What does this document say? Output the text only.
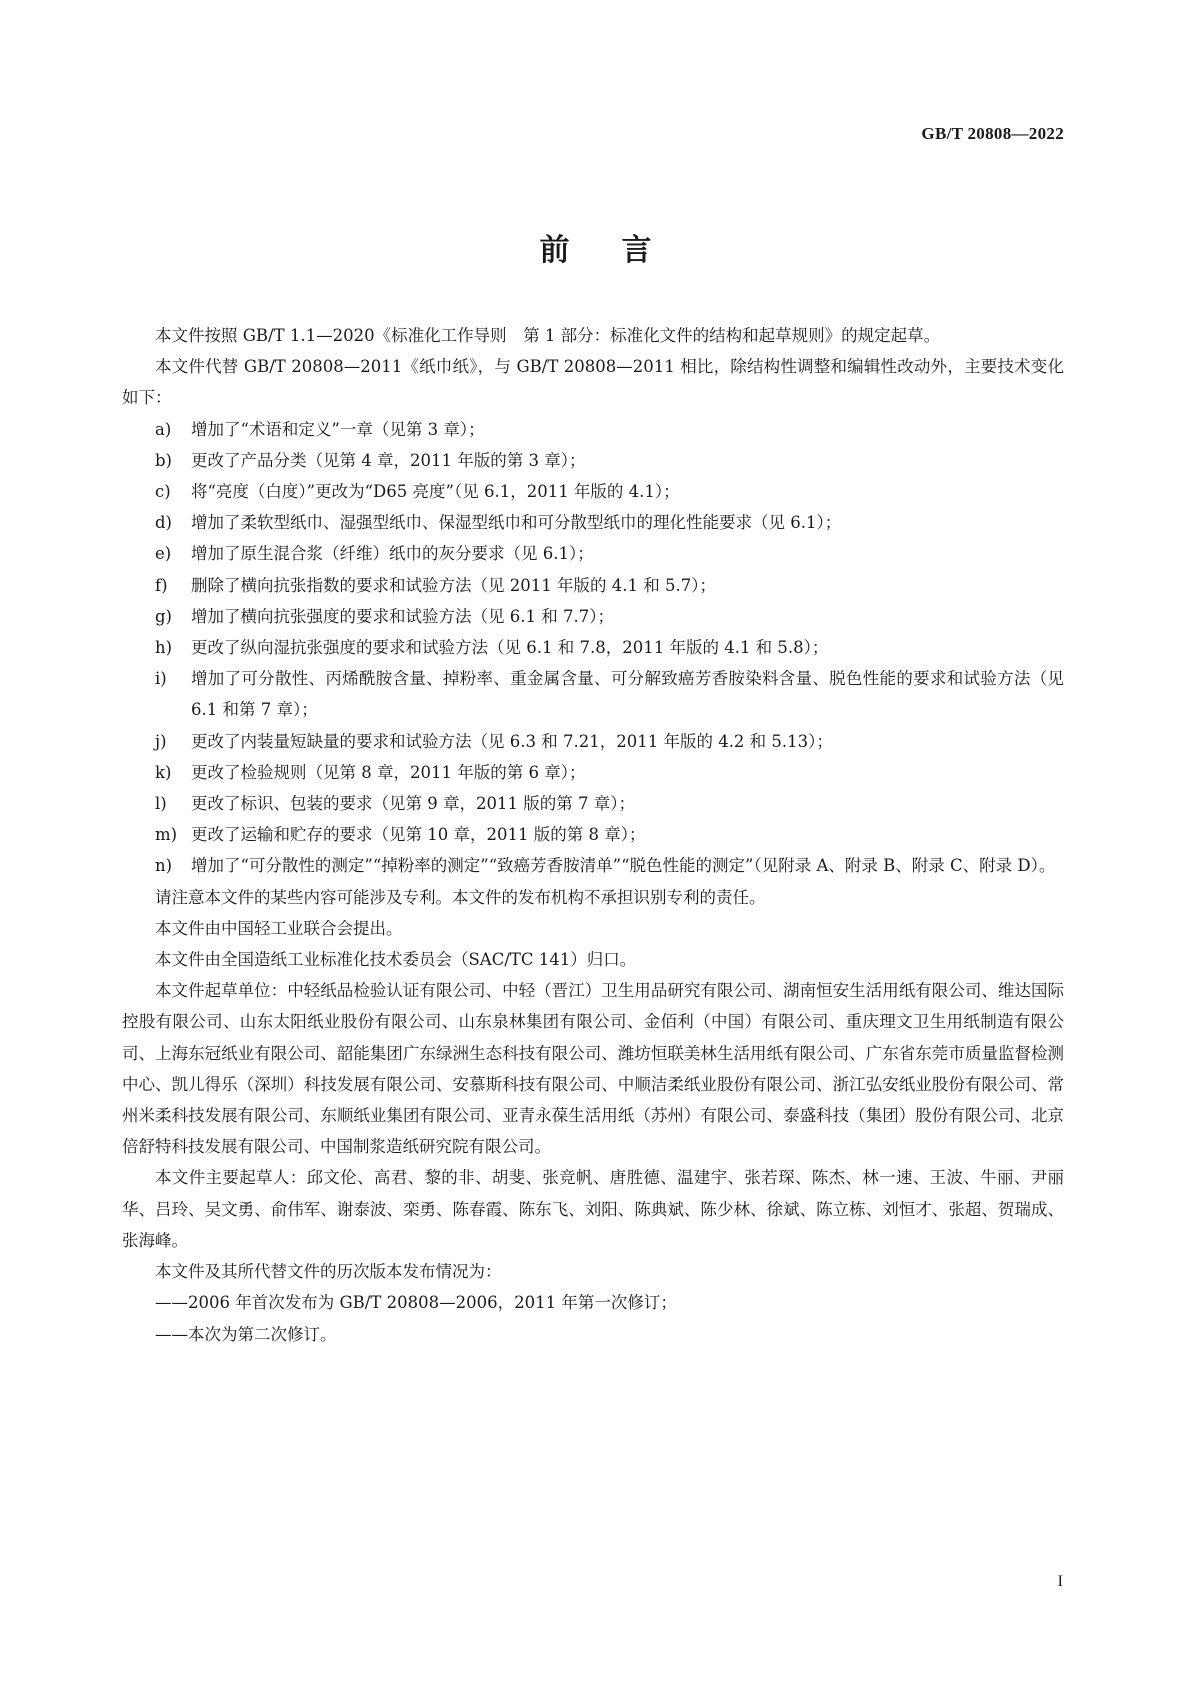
GB/T 20808—2022
前 言

本文件按照 GB/T 1.1—2020《标准化工作导则　第 1 部分：标准化文件的结构和起草规则》的规定起草。

本文件代替 GB/T 20808—2011《纸巾纸》，与 GB/T 20808—2011 相比，除结构性调整和编辑性改动外，主要技术变化如下：

a)	增加了“术语和定义”一章（见第 3 章）；
b)	更改了产品分类（见第 4 章，2011 年版的第 3 章）；
c)	将“亮度（白度）”更改为“D65 亮度”（见 6.1，2011 年版的 4.1）；
d)	增加了柔软型纸巾、湿强型纸巾、保湿型纸巾和可分散型纸巾的理化性能要求（见 6.1）；
e)	增加了原生混合浆（纤维）纸巾的灰分要求（见 6.1）；
f)	删除了横向抗张指数的要求和试验方法（见 2011 年版的 4.1 和 5.7）；
g)	增加了横向抗张强度的要求和试验方法（见 6.1 和 7.7）；
h)	更改了纵向湿抗张强度的要求和试验方法（见 6.1 和 7.8，2011 年版的 4.1 和 5.8）；
i)	增加了可分散性、丙烯酰胺含量、掉粉率、重金属含量、可分解致癌芳香胺染料含量、脱色性能的要求和试验方法（见 6.1 和第 7 章）；
j)	更改了内装量短缺量的要求和试验方法（见 6.3 和 7.21，2011 年版的 4.2 和 5.13）；
k)	更改了检验规则（见第 8 章，2011 年版的第 6 章）；
l)	更改了标识、包装的要求（见第 9 章，2011 版的第 7 章）；
m) 更改了运输和贮存的要求（见第 10 章，2011 版的第 8 章）；
n)	增加了“可分散性的测定”“掉粉率的测定”“致癌芳香胺清单”“脱色性能的测定”（见附录 A、附录 B、附录 C、附录 D）。

请注意本文件的某些内容可能涉及专利。本文件的发布机构不承担识别专利的责任。

本文件由中国轻工业联合会提出。

本文件由全国造纸工业标准化技术委员会（SAC/TC 141）归口。

本文件起草单位：中轻纸品检验认证有限公司、中轻（晋江）卫生用品研究有限公司、湖南恒安生活用纸有限公司、维达国际控股有限公司、山东太阳纸业股份有限公司、山东泉林集团有限公司、金佰利（中国）有限公司、重庆理文卫生用纸制造有限公司、上海东冠纸业有限公司、韶能集团广东绿洲生态科技有限公司、潍坊恒联美林生活用纸有限公司、广东省东莞市质量监督检测中心、凯儿得乐（深圳）科技发展有限公司、安慕斯科技有限公司、中顺洁柔纸业股份有限公司、浙江弘安纸业股份有限公司、常州米柔科技发展有限公司、东顺纸业集团有限公司、亚青永葆生活用纸（苏州）有限公司、泰盛科技（集团）股份有限公司、北京倍舒特科技发展有限公司、中国制浆造纸研究院有限公司。

本文件主要起草人：邱文伦、高君、黎的非、胡斐、张竞帆、唐胜德、温建宇、张若琛、陈杰、林一速、王波、牛丽、尹丽华、吕玲、吴文勇、俞伟军、谢泰波、栾勇、陈春霞、陈东飞、刘阳、陈典斌、陈少林、徐斌、陈立栋、刘恒才、张超、贺瑞成、张海峰。

本文件及其所代替文件的历次版本发布情况为：

——2006 年首次发布为 GB/T 20808—2006，2011 年第一次修订；

——本次为第二次修订。

I
